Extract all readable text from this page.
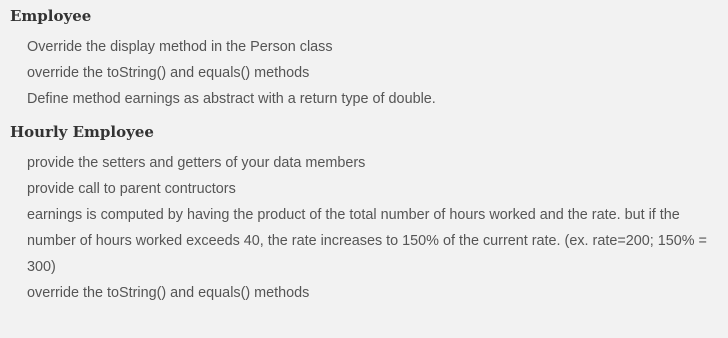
Employee
Override the display method in the Person class
override the toString() and equals() methods
Define method earnings as abstract with a return type of double.
Hourly Employee
provide the setters and getters of your data members
provide call to parent contructors
earnings is computed by having the product of the total number of hours worked and the rate. but if the number of hours worked exceeds 40, the rate increases to 150% of the current rate. (ex. rate=200; 150% = 300)
override the toString() and equals() methods
